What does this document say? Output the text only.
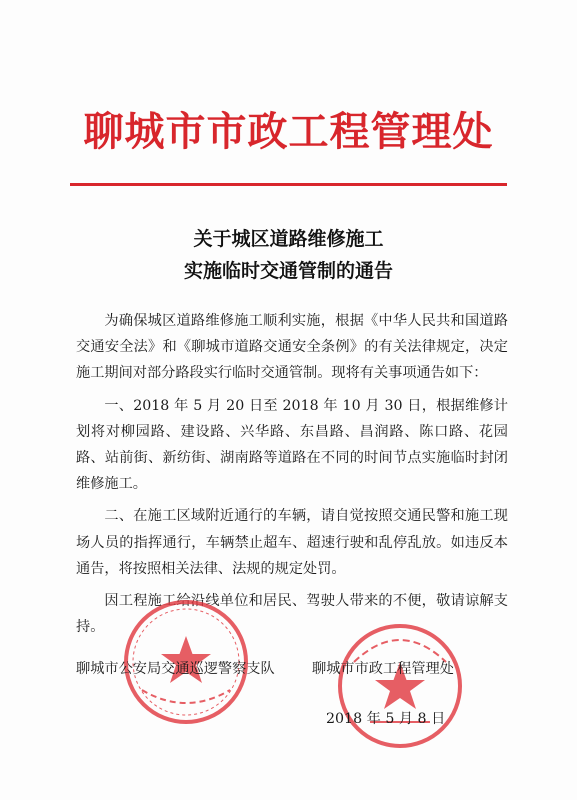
聊城市市政工程管理处
关于城区道路维修施工
实施临时交通管制的通告

为确保城区道路维修施工顺利实施，根据《中华人民共和国道路交通安全法》和《聊城市道路交通安全条例》的有关法律规定，决定施工期间对部分路段实行临时交通管制。现将有关事项通告如下：

一、2018 年 5 月 20 日至 2018 年 10 月 30 日，根据维修计划将对柳园路、建设路、兴华路、东昌路、昌润路、陈口路、花园路、站前街、新纺街、湖南路等道路在不同的时间节点实施临时封闭维修施工。

二、在施工区域附近通行的车辆，请自觉按照交通民警和施工现场人员的指挥通行，车辆禁止超车、超速行驶和乱停乱放。如违反本通告，将按照相关法律、法规的规定处罚。

因工程施工给沿线单位和居民、驾驶人带来的不便，敬请谅解支持。

聊城市公安局交通巡逻警察支队	聊城市市政工程管理处
2018 年 5 月 8 日
